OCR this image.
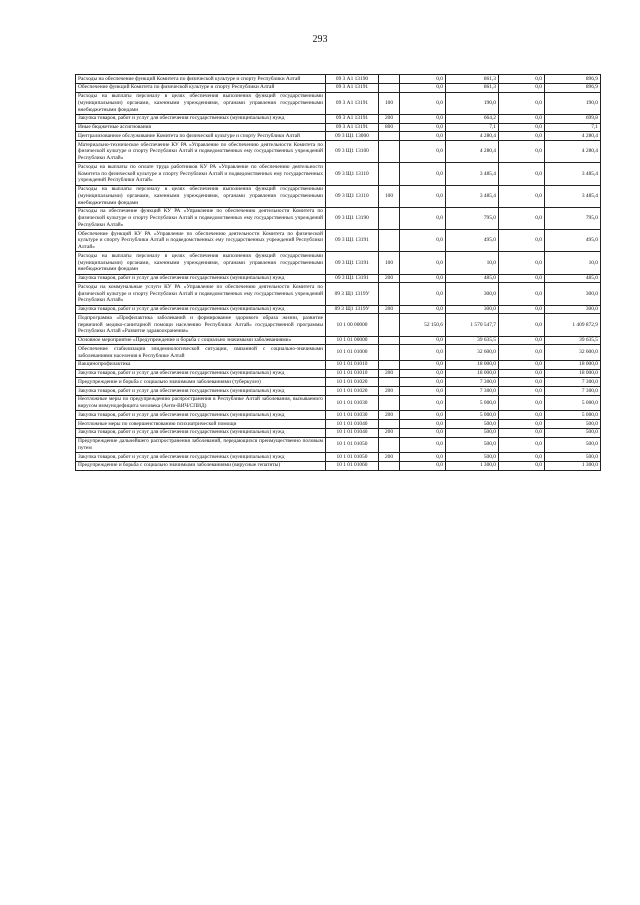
293
Расходы на обеспечение функций Комитета по физической культуре и спорту Республики Алтай	09 3 А1 13190		0,0	861,3	0,0	896,9
Обеспечение функций Комитета по физической культуре и спорту Республики Алтай	09 3 А1 13191		0,0	861,3	0,0	896,9
Расходы на выплаты персоналу в целях обеспечения выполнения функций государственными (муниципальными) органами, казенными учреждениями, органами управления государственными внебюджетными фондами	09 3 А1 13191	100	0,0	190,0	0,0	190,0
Закупка товаров, работ и услуг для обеспечения государственных (муниципальных) нужд	09 3 А1 13191	200	0,0	664,2	0,0	699,8
Иные бюджетные ассигнования	09 3 А1 13191	800	0,0	7,1	0,0	7,1
Централизованное обслуживание Комитета по физической культуре и спорту Республики Алтай	09 3 Щ1 13000		0,0	4 280,4	0,0	4 280,4
Материально-техническое обеспечение КУ РА «Управление по обеспечению деятельности Комитета по физической культуре и спорту Республики Алтай и подведомственных ему государственных учреждений Республики Алтай»	09 3 Щ1 13100		0,0	4 280,4	0,0	4 280,4
Расходы на выплаты по оплате труда работников КУ РА «Управление по обеспечению деятельности Комитета по физической культуре и спорту Республики Алтай и подведомственных ему государственных учреждений Республики Алтай»	09 3 Щ1 13110		0,0	3 485,4	0,0	3 485,4
Расходы на выплаты персоналу в целях обеспечения выполнения функций государственными (муниципальными) органами, казенными учреждениями, органами управления государственными внебюджетными фондами	09 3 Щ1 13110	100	0,0	3 485,4	0,0	3 485,4
Расходы на обеспечение функций КУ РА «Управление по обеспечению деятельности Комитета по физической культуре и спорту Республики Алтай и подведомственных ему государственных учреждений Республики Алтай»	09 3 Щ1 13190		0,0	795,0	0,0	795,0
Обеспечение функций КУ РА «Управление по обеспечению деятельности Комитета по физической культуре и спорту Республики Алтай и подведомственных ему государственных учреждений Республики Алтай»	09 3 Щ1 13191		0,0	495,0	0,0	495,0
Расходы на выплаты персоналу в целях обеспечения выполнения функций государственными (муниципальными) органами, казенными учреждениями, органами управления государственными внебюджетными фондами	09 3 Щ1 13191	100	0,0	10,0	0,0	10,0
Закупка товаров, работ и услуг для обеспечения государственных (муниципальных) нужд	09 3 Щ1 13191	200	0,0	485,0	0,0	485,0
Расходы на коммунальные услуги КУ РА «Управление по обеспечению деятельности Комитета по физической культуре и спорту Республики Алтай и подведомственных ему государственных учреждений Республики Алтай»	09 3 Щ1 1319У		0,0	300,0	0,0	300,0
Закупка товаров, работ и услуг для обеспечения государственных (муниципальных) нужд	09 3 Щ1 1319У	200	0,0	300,0	0,0	300,0
Подпрограмма «Профилактика заболеваний и формирование здорового образа жизни, развитие первичной медико-санитарной помощи населению Республики Алтай» государственной программы Республики Алтай «Развитие здравоохранения»	10 1 00 00000		52 150,6	1 570 547,7	0,0	1 409 872,9
Основное мероприятие «Предупреждение и борьба с социально значимыми заболеваниями»	10 1 01 00000		0,0	39 635,5	0,0	39 635,5
Обеспечение стабилизации эпидемиологической ситуации, связанной с социально-значимыми заболеваниями населения в Республике Алтай	10 1 01 01000		0,0	32 600,0	0,0	32 600,0
Вакцинопрофилактика	10 1 01 01010		0,0	18 000,0	0,0	18 000,0
Закупка товаров, работ и услуг для обеспечения государственных (муниципальных) нужд	10 1 01 01010	200	0,0	18 000,0	0,0	18 000,0
Предупреждение и борьба с социально значимыми заболеваниями (туберкулез)	10 1 01 01020		0,0	7 300,0	0,0	7 300,0
Закупка товаров, работ и услуг для обеспечения государственных (муниципальных) нужд	10 1 01 01020	200	0,0	7 300,0	0,0	7 300,0
Неотложные меры по предупреждению распространения в Республике Алтай заболевания, вызываемого вирусом иммунодефицита человека (Анти-ВИЧ/СПИД)	10 1 01 01030		0,0	5 000,0	0,0	5 000,0
Закупка товаров, работ и услуг для обеспечения государственных (муниципальных) нужд	10 1 01 01030	200	0,0	5 000,0	0,0	5 000,0
Неотложные меры по совершенствованию психиатрической помощи	10 1 01 01040		0,0	500,0	0,0	500,0
Закупка товаров, работ и услуг для обеспечения государственных (муниципальных) нужд	10 1 01 01040	200	0,0	500,0	0,0	500,0
Предупреждение дальнейшего распространения заболеваний, передающихся преимущественно половым путем	10 1 01 01050		0,0	500,0	0,0	500,0
Закупка товаров, работ и услуг для обеспечения государственных (муниципальных) нужд	10 1 01 01050	200	0,0	500,0	0,0	500,0
Предупреждение и борьба с социально значимыми заболеваниями (вирусные гепатиты)	10 1 01 01060		0,0	1 300,0	0,0	1 300,0
